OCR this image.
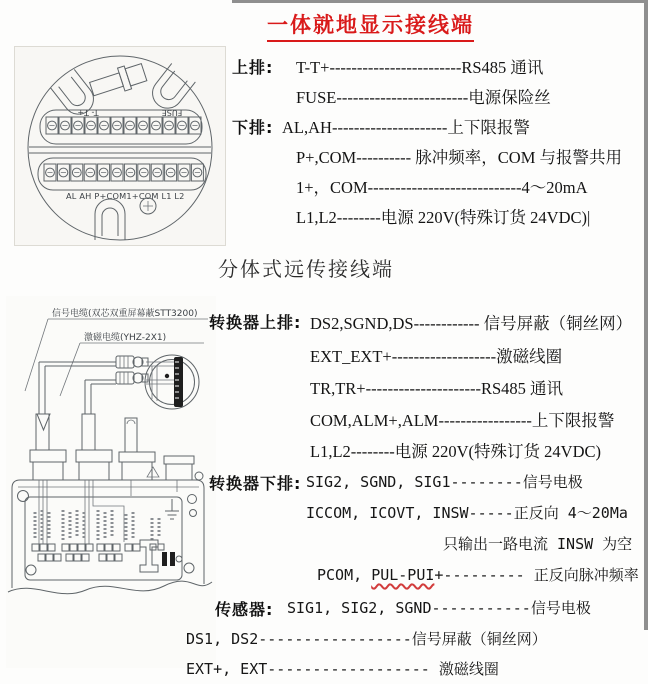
一体就地显示接线端
T- T+	FUSE
AL AH P+COM1+COM L1 L2
上排: T-T+------------------------RS485 通讯
FUSE------------------------电源保险丝
下排: AL,AH---------------------上下限报警
P+,COM---------- 脉冲频率，COM 与报警共用
1+，COM----------------------------4～20mA
L1,L2--------电源 220V(特殊订货 24VDC)|
分体式远传接线端
信号电缆(双芯双重屏幕蔽STT3200)
激磁电缆(YHZ-2X1)
转换器上排: DS2,SGND,DS------------ 信号屏蔽（铜丝网）
EXT_EXT+-------------------激磁线圈
TR,TR+---------------------RS485 通讯
COM,ALM+,ALM-----------------上下限报警
L1,L2--------电源 220V(特殊订货 24VDC)
转换器下排: SIG2, SGND, SIG1--------信号电极
ICCOM, ICOVT, INSW-----正反向 4～20Ma
只输出一路电流 INSW 为空
PCOM, PUL-PUI+--------- 正反向脉冲频率
传感器: SIG1, SIG2, SGND-----------信号电极
DS1, DS2-----------------信号屏蔽（铜丝网）
EXT+, EXT------------------ 激磁线圈
